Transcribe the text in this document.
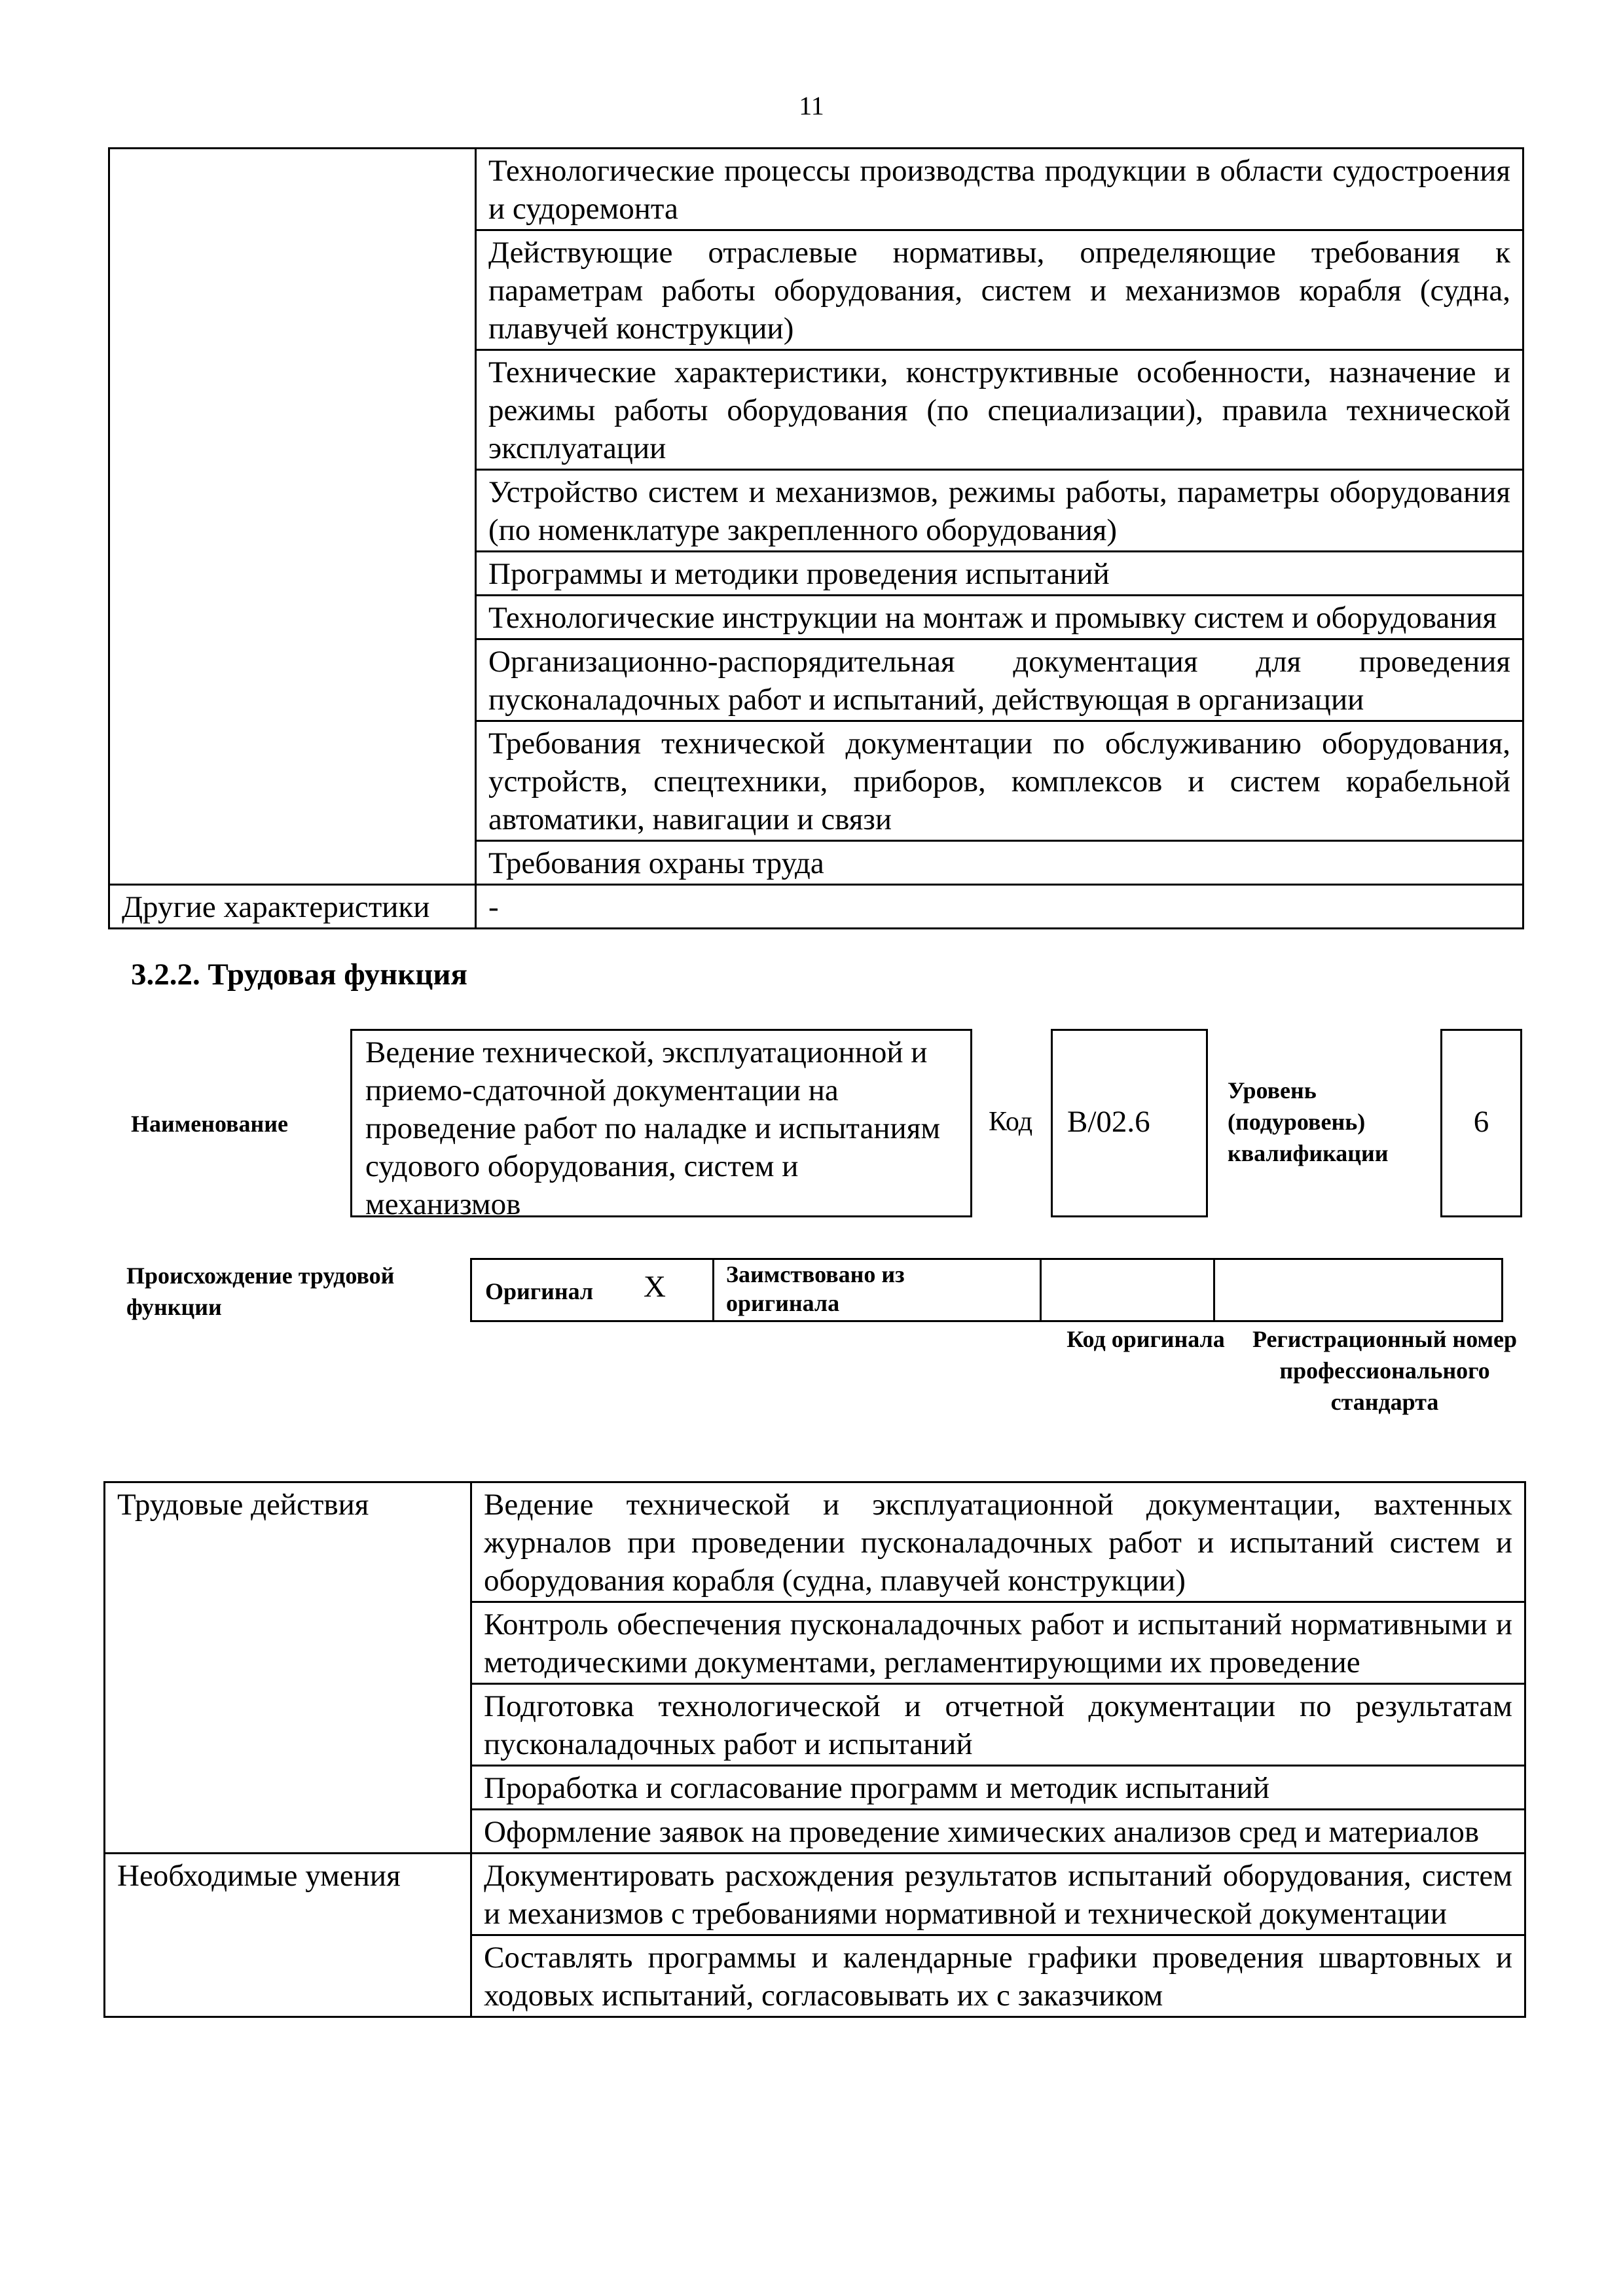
11
	Технологические процессы производства продукции в области судостроения и судоремонта
	Действующие отраслевые нормативы, определяющие требования к параметрам работы оборудования, систем и механизмов корабля (судна, плавучей конструкции)
	Технические характеристики, конструктивные особенности, назначение и режимы работы оборудования (по специализации), правила технической эксплуатации
	Устройство систем и механизмов, режимы работы, параметры оборудования (по номенклатуре закрепленного оборудования)
	Программы и методики проведения испытаний
	Технологические инструкции на монтаж и промывку систем и оборудования
	Организационно-распорядительная документация для проведения пусконаладочных работ и испытаний, действующая в организации
	Требования технической документации по обслуживанию оборудования, устройств, спецтехники, приборов, комплексов и систем корабельной автоматики, навигации и связи
	Требования охраны труда
Другие характеристики	-
3.2.2. Трудовая функция
Наименование
Ведение технической, эксплуатационной и приемо-сдаточной документации на проведение работ по наладке и испытаниям судового оборудования, систем и механизмов
Код B/02.6
Уровень (подуровень) квалификации
6
Происхождение трудовой функции
Оригинал X	Заимствовано из оригинала

Код оригинала Регистрационный номер профессионального стандарта
Трудовые действия	Ведение технической и эксплуатационной документации, вахтенных журналов при проведении пусконаладочных работ и испытаний систем и оборудования корабля (судна, плавучей конструкции)
	Контроль обеспечения пусконаладочных работ и испытаний нормативными и методическими документами, регламентирующими их проведение
	Подготовка технологической и отчетной документации по результатам пусконаладочных работ и испытаний
	Проработка и согласование программ и методик испытаний
	Оформление заявок на проведение химических анализов сред и материалов
Необходимые умения	Документировать расхождения результатов испытаний оборудования, систем и механизмов с требованиями нормативной и технической документации
	Составлять программы и календарные графики проведения швартовных и ходовых испытаний, согласовывать их с заказчиком
